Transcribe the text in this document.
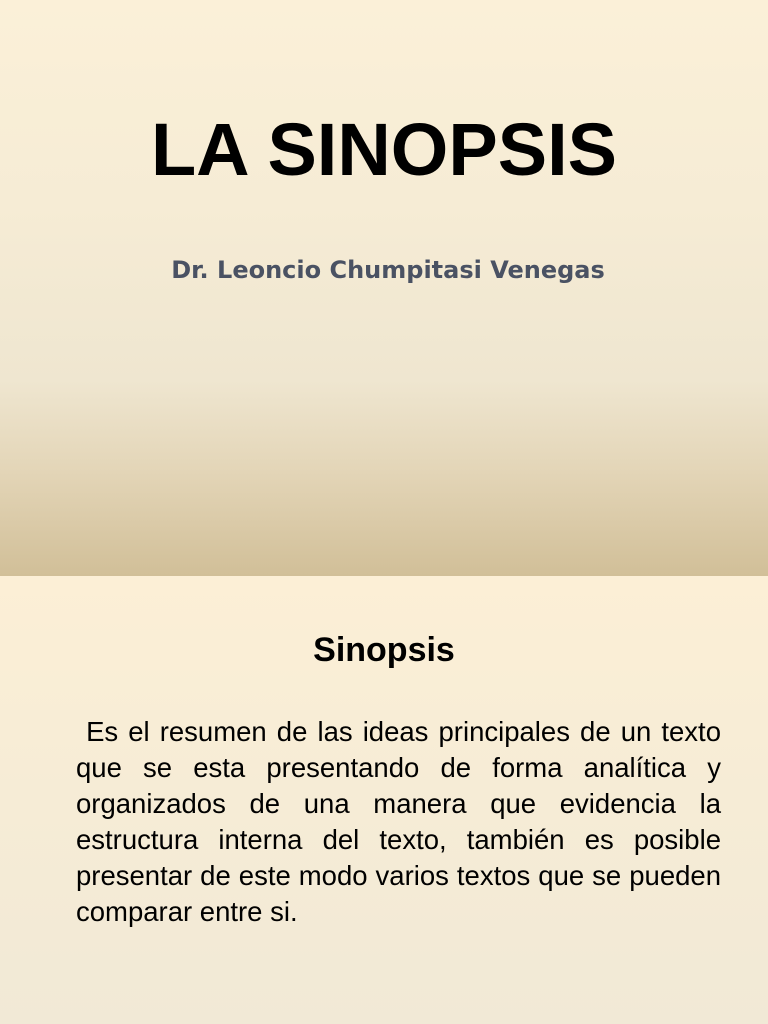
LA SINOPSIS
Dr. Leoncio Chumpitasi Venegas
Sinopsis

Es el resumen de las ideas principales de un texto que se esta presentando de forma analítica y organizados de una manera que evidencia la estructura interna del texto, también es posible presentar de este modo varios textos que se pueden comparar entre si.
